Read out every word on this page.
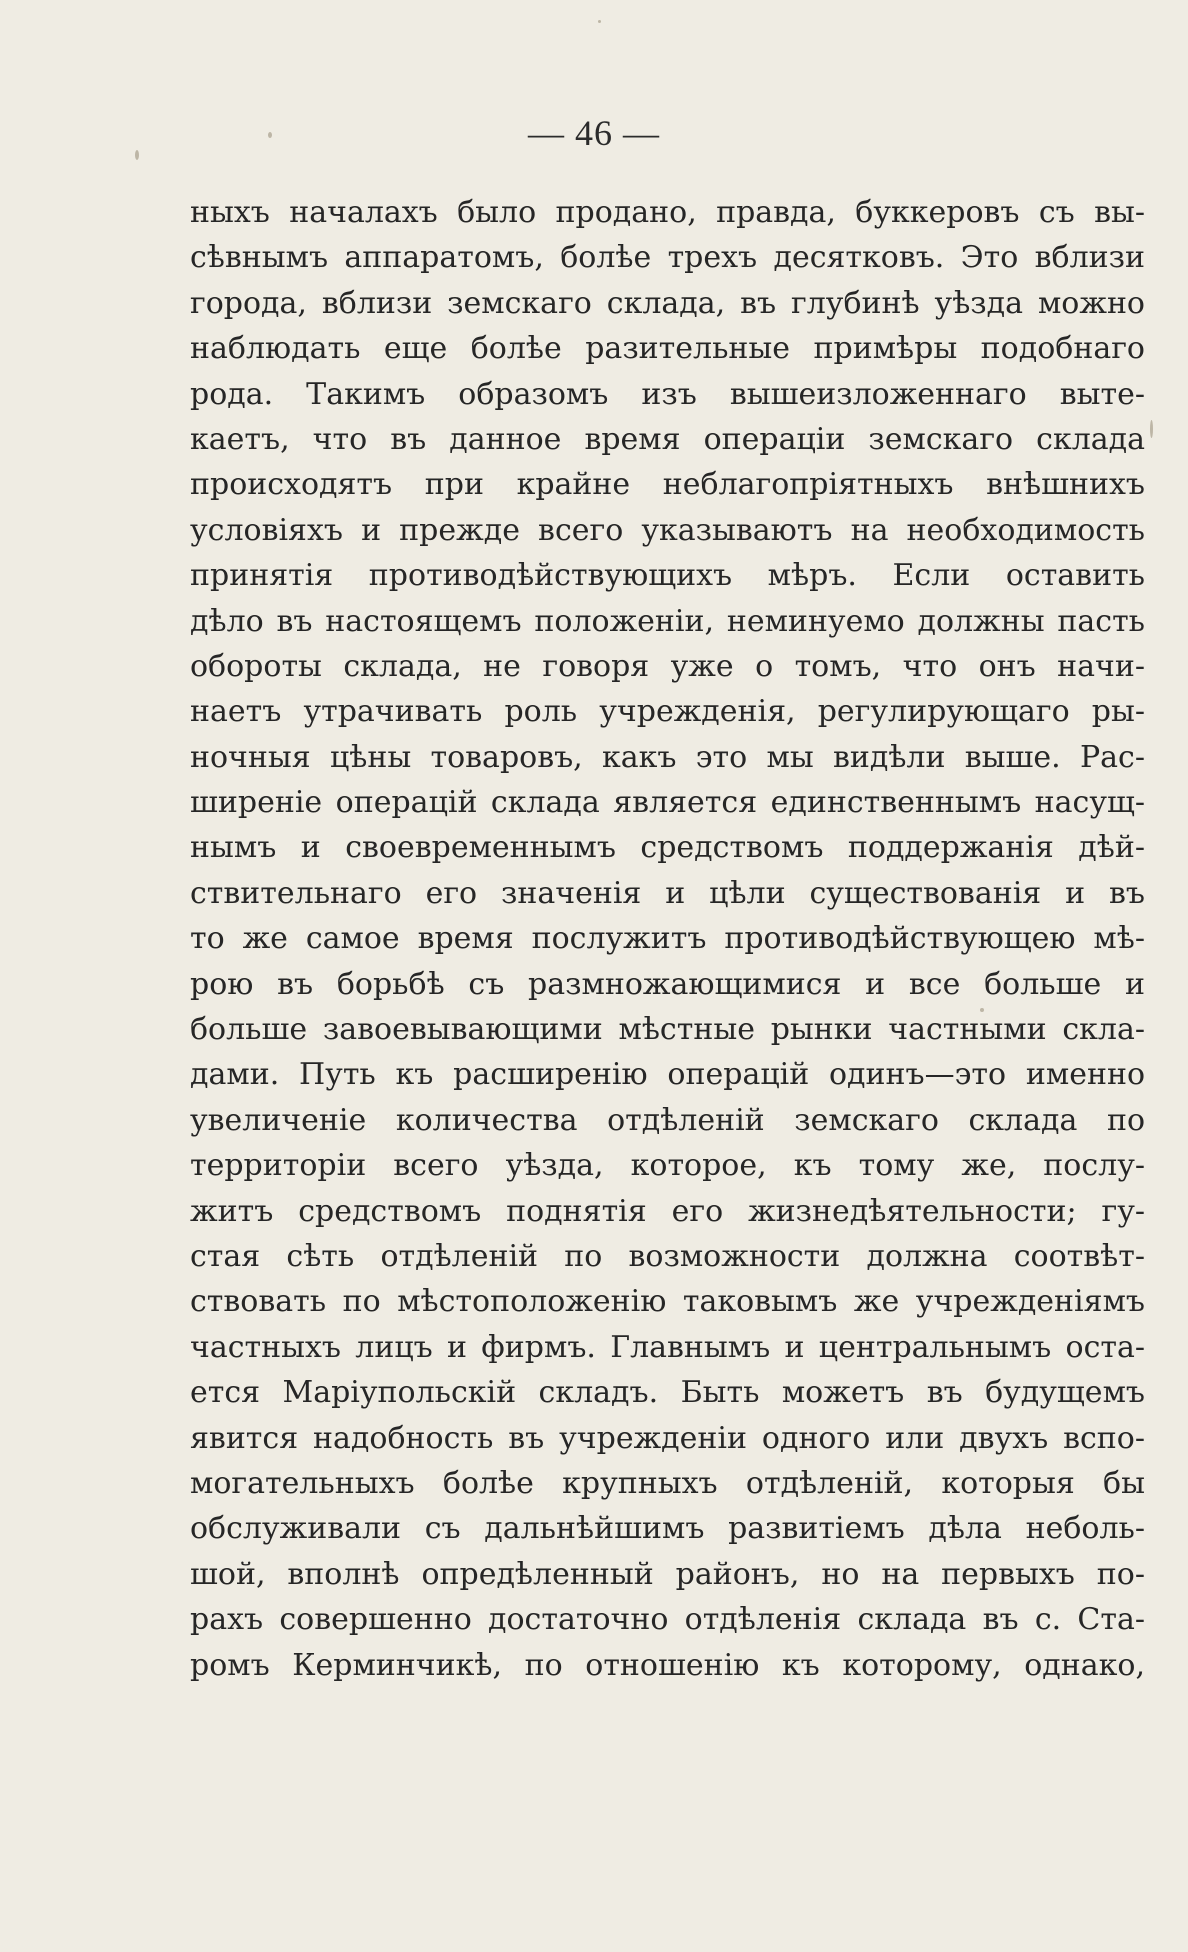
— 46 —
ныхъ началахъ было продано, правда, буккеровъ съ вы-
сѣвнымъ аппаратомъ, болѣе трехъ десятковъ. Это вблизи
города, вблизи земскаго склада, въ глубинѣ уѣзда можно
наблюдать еще болѣе разительные примѣры подобнаго
рода. Такимъ образомъ изъ вышеизложеннаго выте-
каетъ, что въ данное время операціи земскаго склада
происходятъ при крайне неблагопріятныхъ внѣшнихъ
условіяхъ и прежде всего указываютъ на необходимость
принятія противодѣйствующихъ мѣръ. Если оставить
дѣло въ настоящемъ положеніи, неминуемо должны пасть
обороты склада, не говоря уже о томъ, что онъ начи-
наетъ утрачивать роль учрежденія, регулирующаго ры-
ночныя цѣны товаровъ, какъ это мы видѣли выше. Рас-
ширеніе операцій склада является единственнымъ насущ-
нымъ и своевременнымъ средствомъ поддержанія дѣй-
ствительнаго его значенія и цѣли существованія и въ
то же самое время послужитъ противодѣйствующею мѣ-
рою въ борьбѣ съ размножающимися и все больше и
больше завоевывающими мѣстные рынки частными скла-
дами. Путь къ расширенію операцій одинъ—это именно
увеличеніе количества отдѣленій земскаго склада по
территоріи всего уѣзда, которое, къ тому же, послу-
житъ средствомъ поднятія его жизнедѣятельности; гу-
стая сѣть отдѣленій по возможности должна соотвѣт-
ствовать по мѣстоположенію таковымъ же учрежденіямъ
частныхъ лицъ и фирмъ. Главнымъ и центральнымъ оста-
ется Маріупольскій складъ. Быть можетъ въ будущемъ
явится надобность въ учрежденіи одного или двухъ вспо-
могательныхъ болѣе крупныхъ отдѣленій, которыя бы
обслуживали съ дальнѣйшимъ развитіемъ дѣла неболь-
шой, вполнѣ опредѣленный районъ, но на первыхъ по-
рахъ совершенно достаточно отдѣленія склада въ с. Ста-
ромъ Керминчикѣ, по отношенію къ которому, однако,
